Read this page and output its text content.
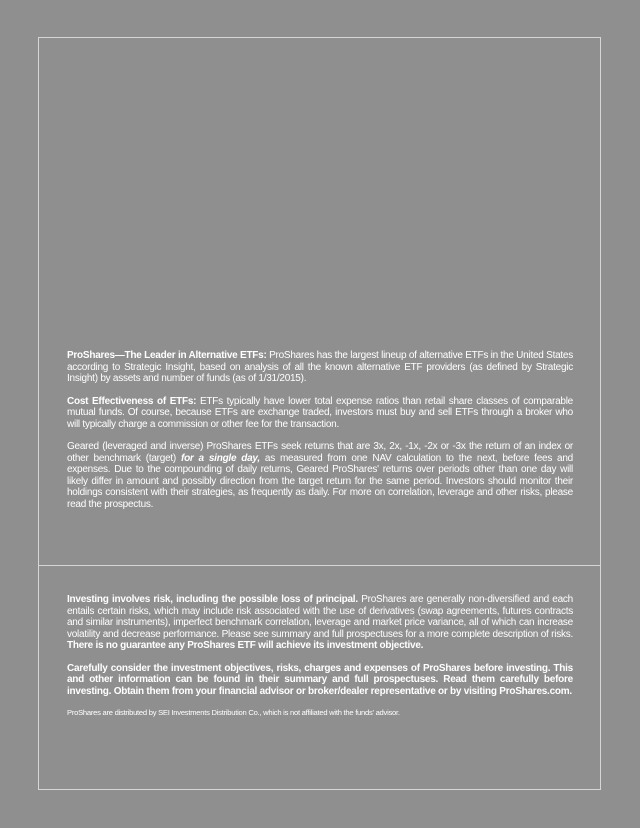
ProShares—The Leader in Alternative ETFs: ProShares has the largest lineup of alternative ETFs in the United States according to Strategic Insight, based on analysis of all the known alternative ETF providers (as defined by Strategic Insight) by assets and number of funds (as of 1/31/2015).

Cost Effectiveness of ETFs: ETFs typically have lower total expense ratios than retail share classes of comparable mutual funds. Of course, because ETFs are exchange traded, investors must buy and sell ETFs through a broker who will typically charge a commission or other fee for the transaction.

Geared (leveraged and inverse) ProShares ETFs seek returns that are 3x, 2x, -1x, -2x or -3x the return of an index or other benchmark (target) for a single day, as measured from one NAV calculation to the next, before fees and expenses. Due to the compounding of daily returns, Geared ProShares' returns over periods other than one day will likely differ in amount and possibly direction from the target return for the same period. Investors should monitor their holdings consistent with their strategies, as frequently as daily. For more on correlation, leverage and other risks, please read the prospectus.

Investing involves risk, including the possible loss of principal. ProShares are generally non-diversified and each entails certain risks, which may include risk associated with the use of derivatives (swap agreements, futures contracts and similar instruments), imperfect benchmark correlation, leverage and market price variance, all of which can increase volatility and decrease performance. Please see summary and full prospectuses for a more complete description of risks. There is no guarantee any ProShares ETF will achieve its investment objective.

Carefully consider the investment objectives, risks, charges and expenses of ProShares before investing. This and other information can be found in their summary and full prospectuses. Read them carefully before investing. Obtain them from your financial advisor or broker/dealer representative or by visiting ProShares.com.

ProShares are distributed by SEI Investments Distribution Co., which is not affiliated with the funds' advisor.
